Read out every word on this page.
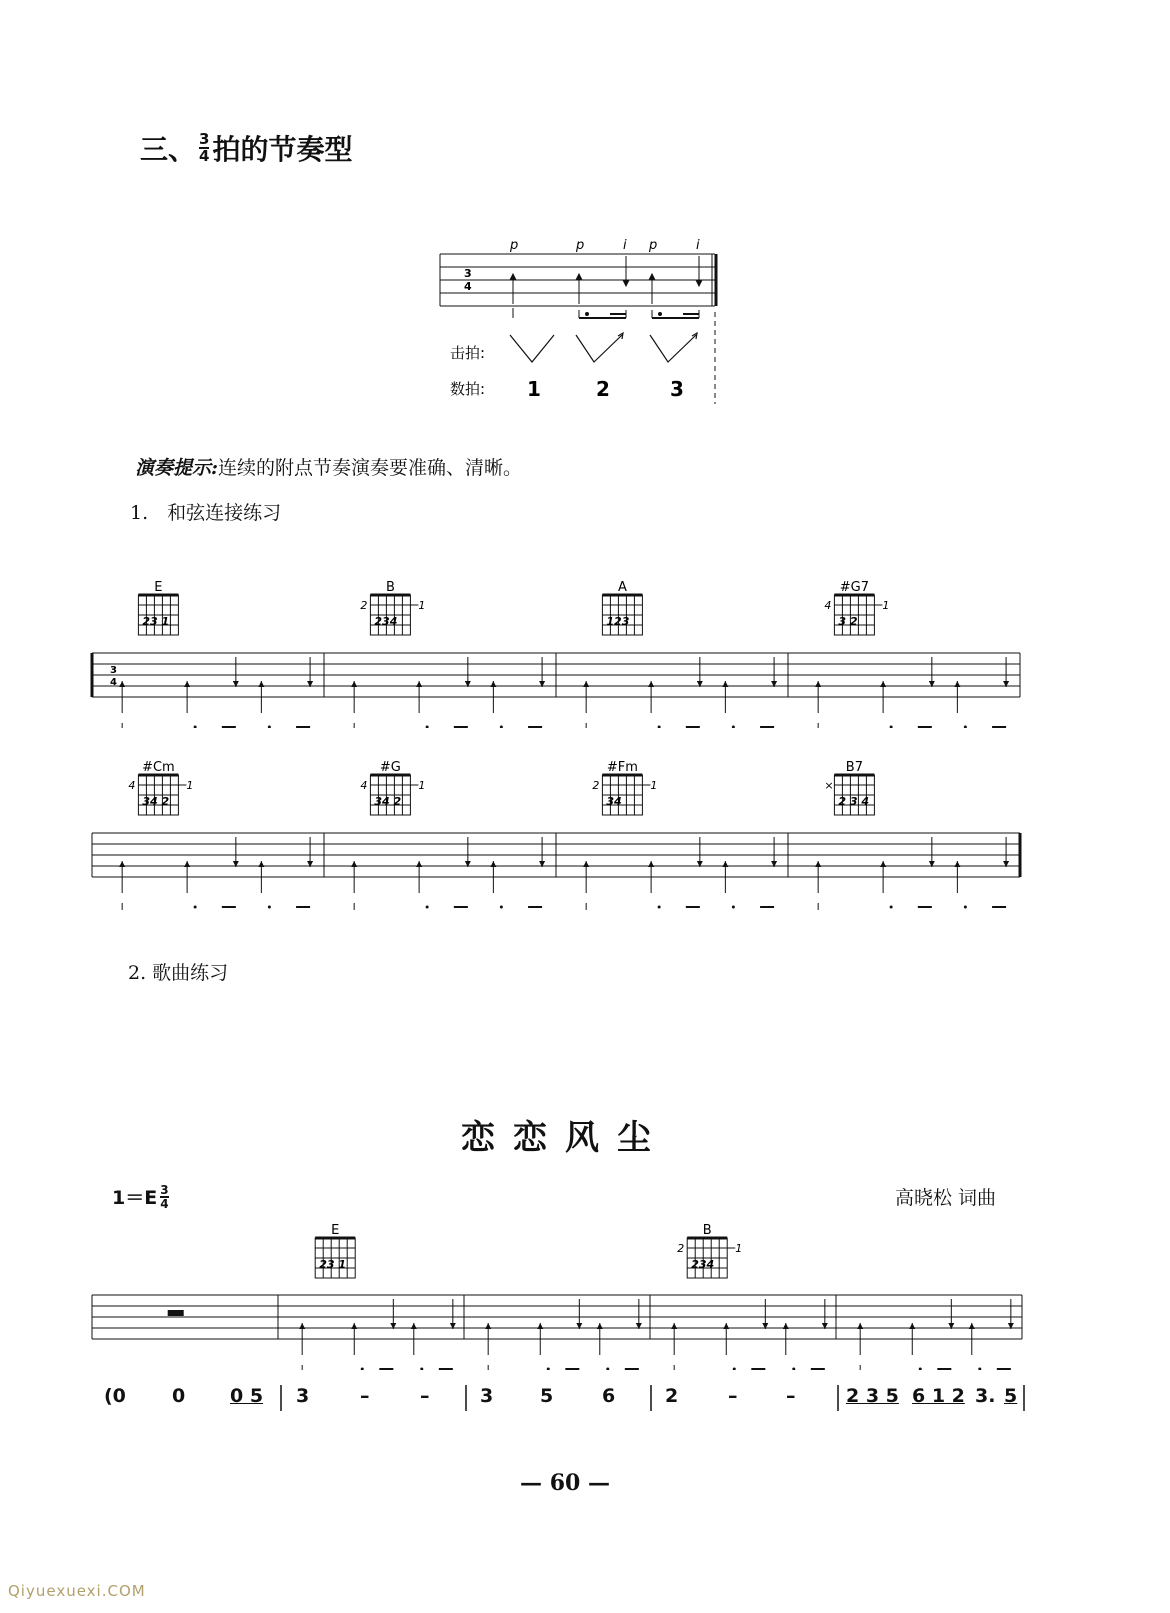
三、 $\frac{3}{4}$ 拍的节奏型
3
4
p	p	i p	i
击拍:
数拍: 1	2	3
演奏提示:连续的附点节奏演奏要准确、清晰。
1.　和弦连接练习
E
23 1
B
234
2	1
A
123
#G7
3 2
4	1
3
4
#Cm
34 2
4	1
#G
34 2
4	1
#Fm
34
2	1
B7
2 3 4
×
2. 歌曲练习
恋恋风尘
$1=E \frac{3}{4}$	高晓松 词曲
E
23 1
B
234
2	1
(0 0 0 5 3	–	–	3 5	6	2	–	–	2 3 5 6 1 2 3. 5
— 60 —
Qiyuexuexi.COM
